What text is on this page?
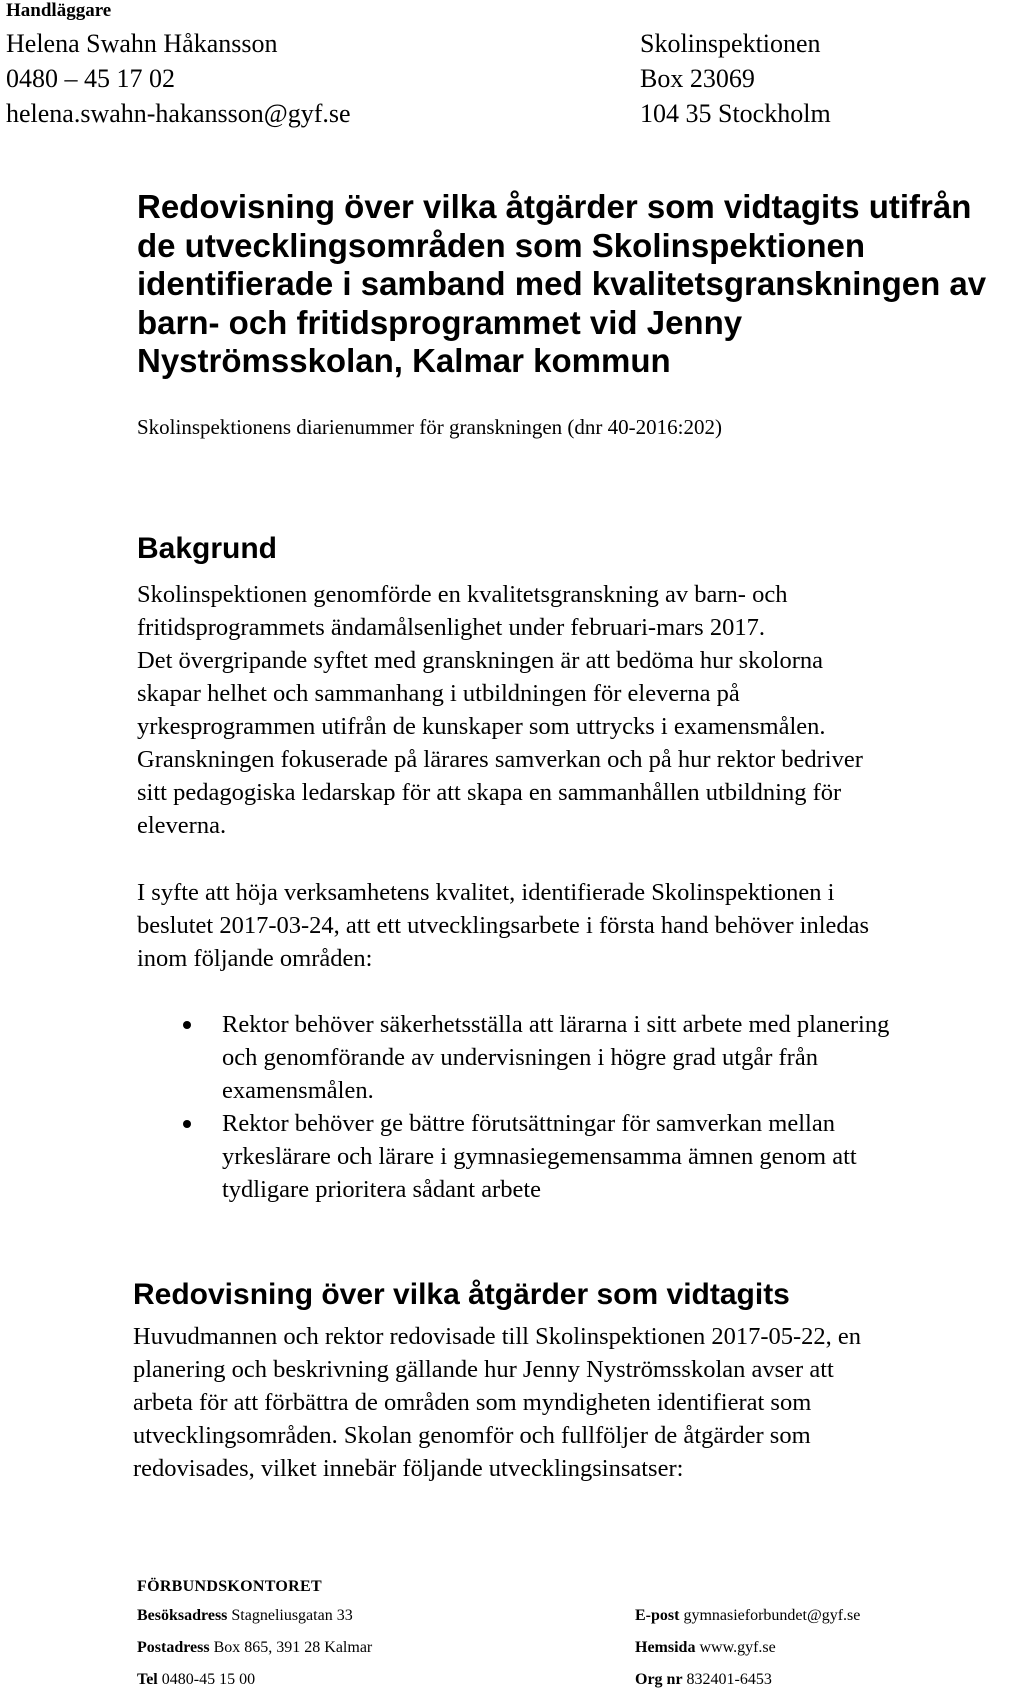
Handläggare
Helena Swahn Håkansson
0480 – 45 17 02
helena.swahn-hakansson@gyf.se
Skolinspektionen
Box 23069
104 35 Stockholm
Redovisning över vilka åtgärder som vidtagits utifrån
de utvecklingsområden som Skolinspektionen
identifierade i samband med kvalitetsgranskningen av
barn- och fritidsprogrammet vid Jenny
Nyströmsskolan, Kalmar kommun
Skolinspektionens diarienummer för granskningen (dnr 40-2016:202)
Bakgrund
Skolinspektionen genomförde en kvalitetsgranskning av barn- och
fritidsprogrammets ändamålsenlighet under februari-mars 2017.
Det övergripande syftet med granskningen är att bedöma hur skolorna
skapar helhet och sammanhang i utbildningen för eleverna på
yrkesprogrammen utifrån de kunskaper som uttrycks i examensmålen.
Granskningen fokuserade på lärares samverkan och på hur rektor bedriver
sitt pedagogiska ledarskap för att skapa en sammanhållen utbildning för
eleverna.
I syfte att höja verksamhetens kvalitet, identifierade Skolinspektionen i
beslutet 2017-03-24, att ett utvecklingsarbete i första hand behöver inledas
inom följande områden:
Rektor behöver säkerhetsställa att lärarna i sitt arbete med planering
och genomförande av undervisningen i högre grad utgår från
examensmålen.
Rektor behöver ge bättre förutsättningar för samverkan mellan
yrkeslärare och lärare i gymnasiegemensamma ämnen genom att
tydligare prioritera sådant arbete
Redovisning över vilka åtgärder som vidtagits
Huvudmannen och rektor redovisade till Skolinspektionen 2017-05-22, en
planering och beskrivning gällande hur Jenny Nyströmsskolan avser att
arbeta för att förbättra de områden som myndigheten identifierat som
utvecklingsområden. Skolan genomför och fullföljer de åtgärder som
redovisades, vilket innebär följande utvecklingsinsatser:
FÖRBUNDSKONTORET
Besöksadress Stagneliusgatan 33
Postadress Box 865, 391 28 Kalmar
Tel 0480-45 15 00
E-post gymnasieforbundet@gyf.se
Hemsida www.gyf.se
Org nr 832401-6453
